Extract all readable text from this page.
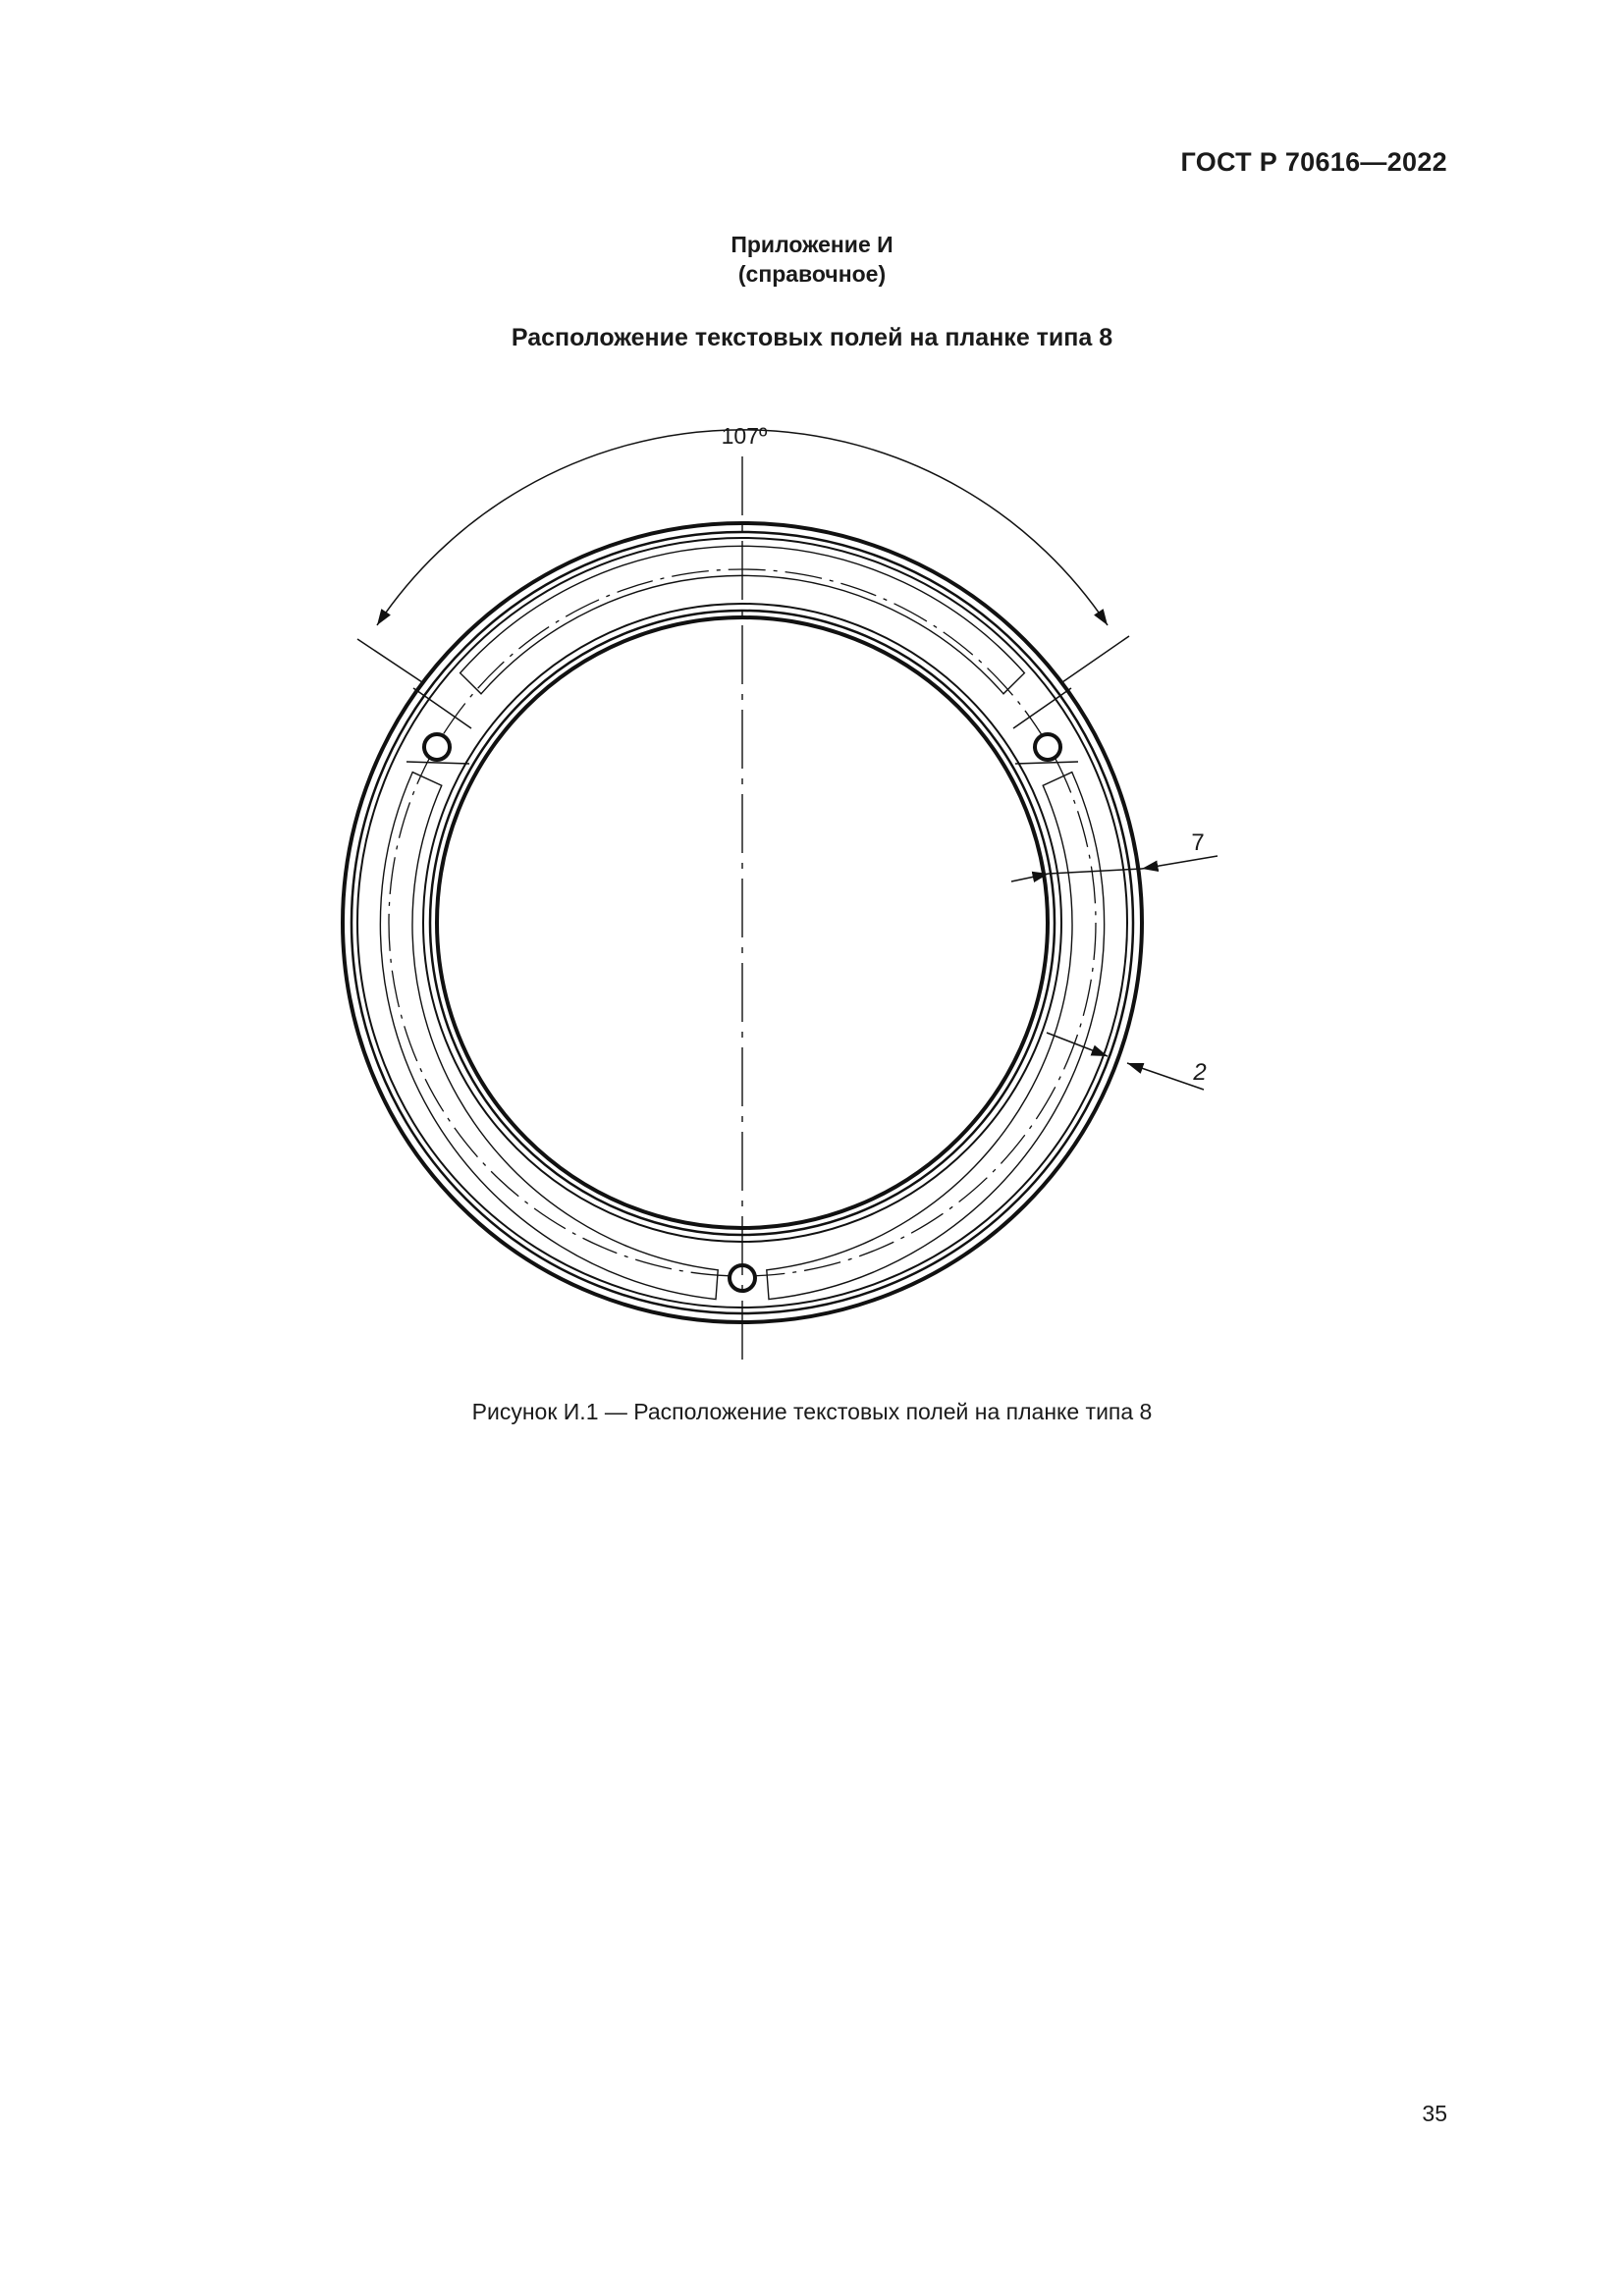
ГОСТ Р 70616—2022
Приложение И
(справочное)
Расположение текстовых полей на планке типа 8
107º
7
2
Рисунок И.1 — Расположение текстовых полей на планке типа 8
35
